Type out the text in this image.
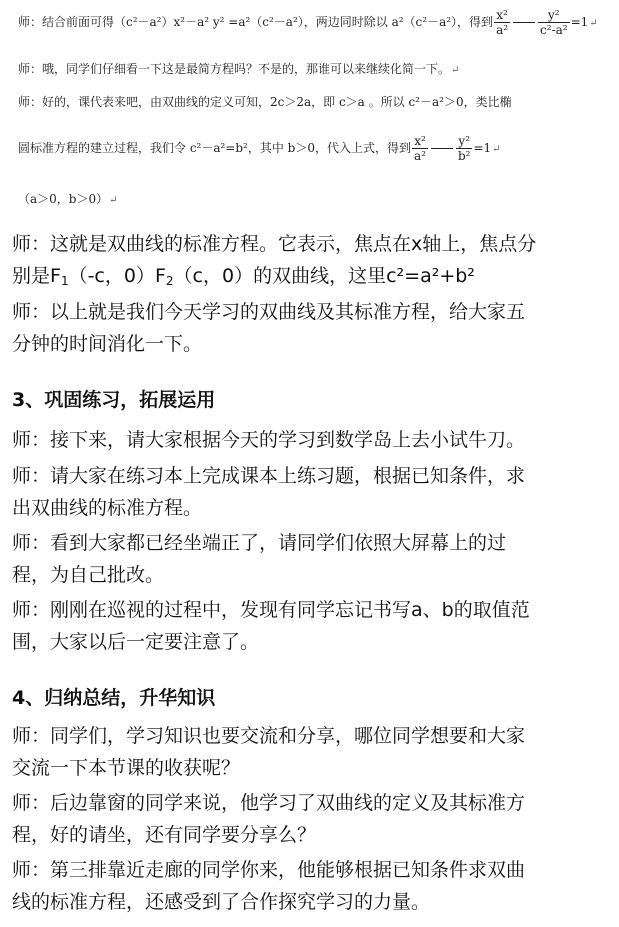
师：结合前面可得（c²－a²）x²－a² y² =a²（c²－a²），两边同时除以 a²（c²－a²），得到 $\frac{\text{x²}}{\text{a²}} \frac{\text{y²}}{\text{c²-a²}}$ =1↵
师：哦，同学们仔细看一下这是最简方程吗？不是的，那谁可以来继续化简一下。↵
师：好的，课代表来吧，由双曲线的定义可知，2c＞2a，即 c＞a 。所以 c²－a²＞0，类比椭
圆标准方程的建立过程，我们令 c²－a²=b²，其中 b＞0，代入上式，得到 $\frac{\text{x²}}{\text{a²}} \frac{\text{y²}}{\text{b²}}$ =1↵
（a＞0，b＞0）↵
师：这就是双曲线的标准方程。它表示，焦点在x轴上，焦点分
别是$F_1(-c$，$0)F_2(c$，0）的双曲线，这里c²=a²+b²
师：以上就是我们今天学习的双曲线及其标准方程，给大家五
分钟的时间消化一下。
3、巩固练习，拓展运用
师：接下来，请大家根据今天的学习到数学岛上去小试牛刀。
师：请大家在练习本上完成课本上练习题，根据已知条件，求
出双曲线的标准方程。
师：看到大家都已经坐端正了，请同学们依照大屏幕上的过
程，为自己批改。
师：刚刚在巡视的过程中，发现有同学忘记书写a、b的取值范
围，大家以后一定要注意了。
4、归纳总结，升华知识
师：同学们，学习知识也要交流和分享，哪位同学想要和大家
交流一下本节课的收获呢？
师：后边靠窗的同学来说，他学习了双曲线的定义及其标准方
程，好的请坐，还有同学要分享么？
师：第三排靠近走廊的同学你来，他能够根据已知条件求双曲
线的标准方程，还感受到了合作探究学习的力量。
